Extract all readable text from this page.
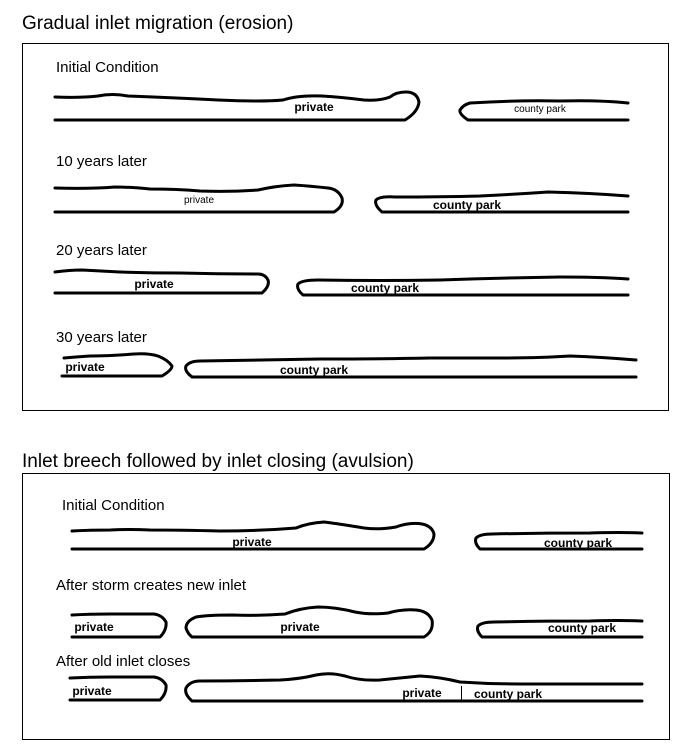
Gradual inlet migration (erosion)
Initial Condition
10 years later
20 years later
30 years later
private	county park
private	county park
private	county park
private	county park
Inlet breech followed by inlet closing (avulsion)
Initial Condition
After storm creates new inlet
After old inlet closes
private	county park
private	private	county park
private	private	county park
